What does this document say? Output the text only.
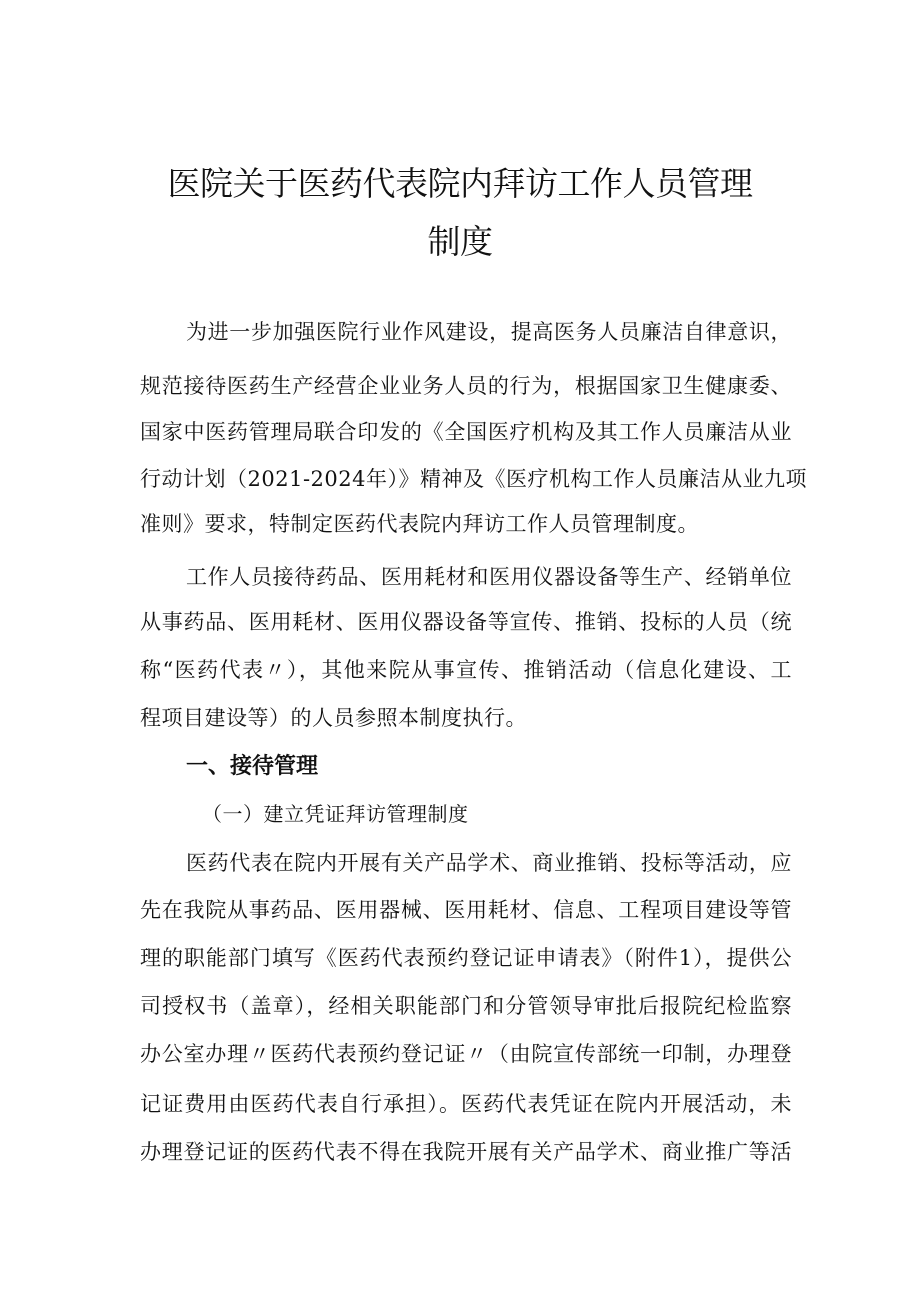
医院关于医药代表院内拜访工作人员管理
制度
为进一步加强医院行业作风建设，提高医务人员廉洁自律意识，
规范接待医药生产经营企业业务人员的行为，根据国家卫生健康委、
国家中医药管理局联合印发的《全国医疗机构及其工作人员廉洁从业
行动计划（2021-2024年）》精神及《医疗机构工作人员廉洁从业九项
准则》要求，特制定医药代表院内拜访工作人员管理制度。
工作人员接待药品、医用耗材和医用仪器设备等生产、经销单位
从事药品、医用耗材、医用仪器设备等宣传、推销、投标的人员（统
称“医药代表〃），其他来院从事宣传、推销活动（信息化建设、工
程项目建设等）的人员参照本制度执行。
一、接待管理
（一）建立凭证拜访管理制度
医药代表在院内开展有关产品学术、商业推销、投标等活动，应
先在我院从事药品、医用器械、医用耗材、信息、工程项目建设等管
理的职能部门填写《医药代表预约登记证申请表》（附件1），提供公
司授权书（盖章），经相关职能部门和分管领导审批后报院纪检监察
办公室办理〃医药代表预约登记证〃（由院宣传部统一印制，办理登
记证费用由医药代表自行承担）。医药代表凭证在院内开展活动，未
办理登记证的医药代表不得在我院开展有关产品学术、商业推广等活
